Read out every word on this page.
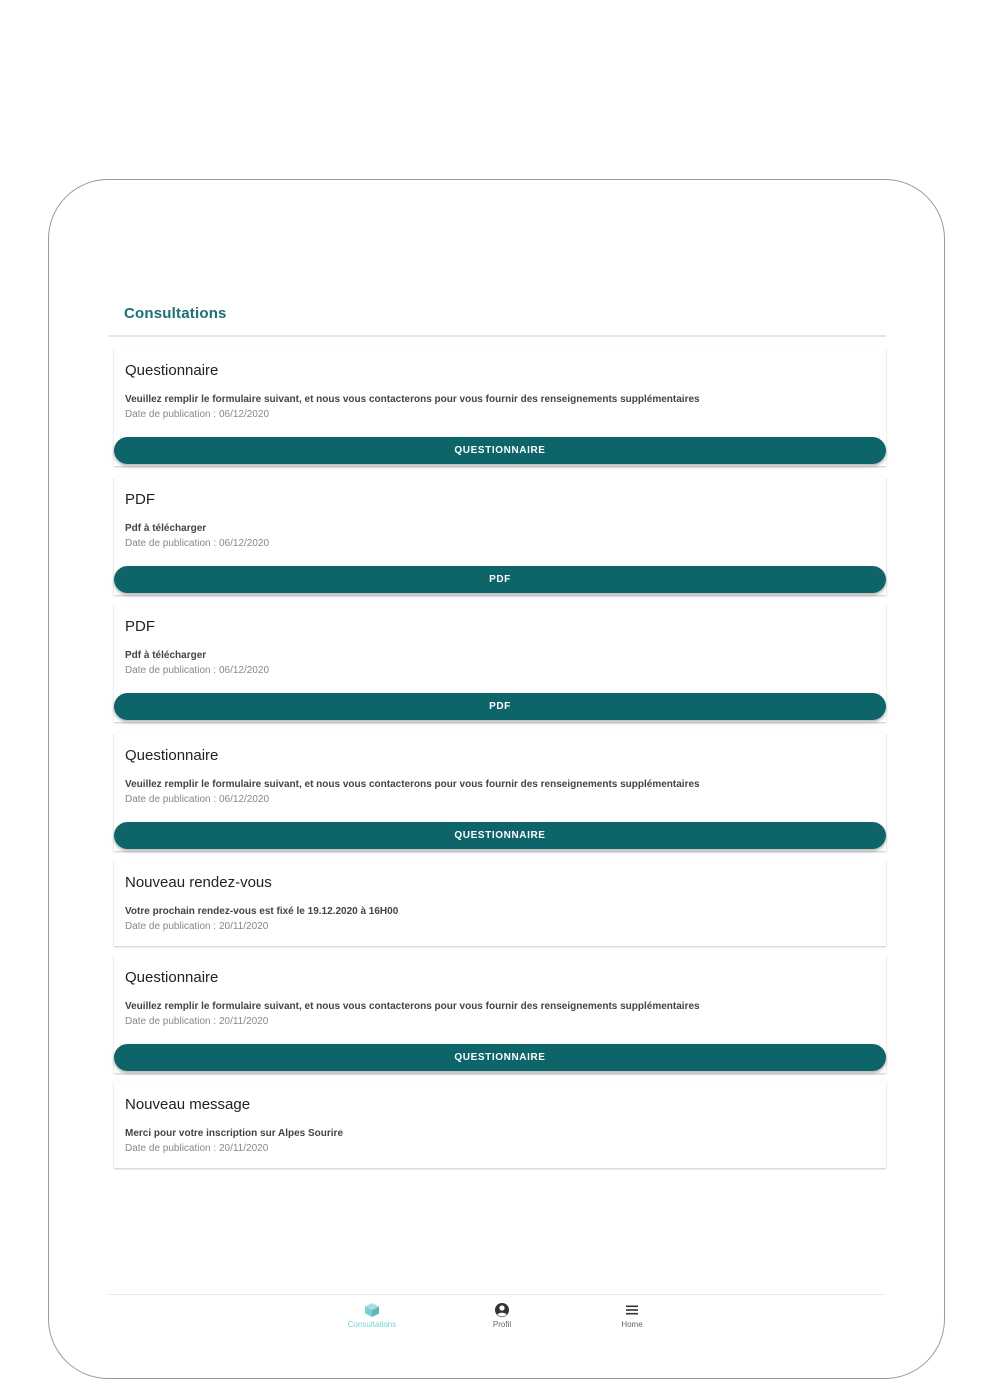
Consultations
Questionnaire
Veuillez remplir le formulaire suivant, et nous vous contacterons pour vous fournir des renseignements supplémentaires
Date de publication : 06/12/2020
QUESTIONNAIRE
PDF
Pdf à télécharger
Date de publication : 06/12/2020
PDF
PDF
Pdf à télécharger
Date de publication : 06/12/2020
PDF
Questionnaire
Veuillez remplir le formulaire suivant, et nous vous contacterons pour vous fournir des renseignements supplémentaires
Date de publication : 06/12/2020
QUESTIONNAIRE
Nouveau rendez-vous
Votre prochain rendez-vous est fixé le 19.12.2020 à 16H00
Date de publication : 20/11/2020
Questionnaire
Veuillez remplir le formulaire suivant, et nous vous contacterons pour vous fournir des renseignements supplémentaires
Date de publication : 20/11/2020
QUESTIONNAIRE
Nouveau message
Merci pour votre inscription sur Alpes Sourire
Date de publication : 20/11/2020
Consultations	Profil	Home
